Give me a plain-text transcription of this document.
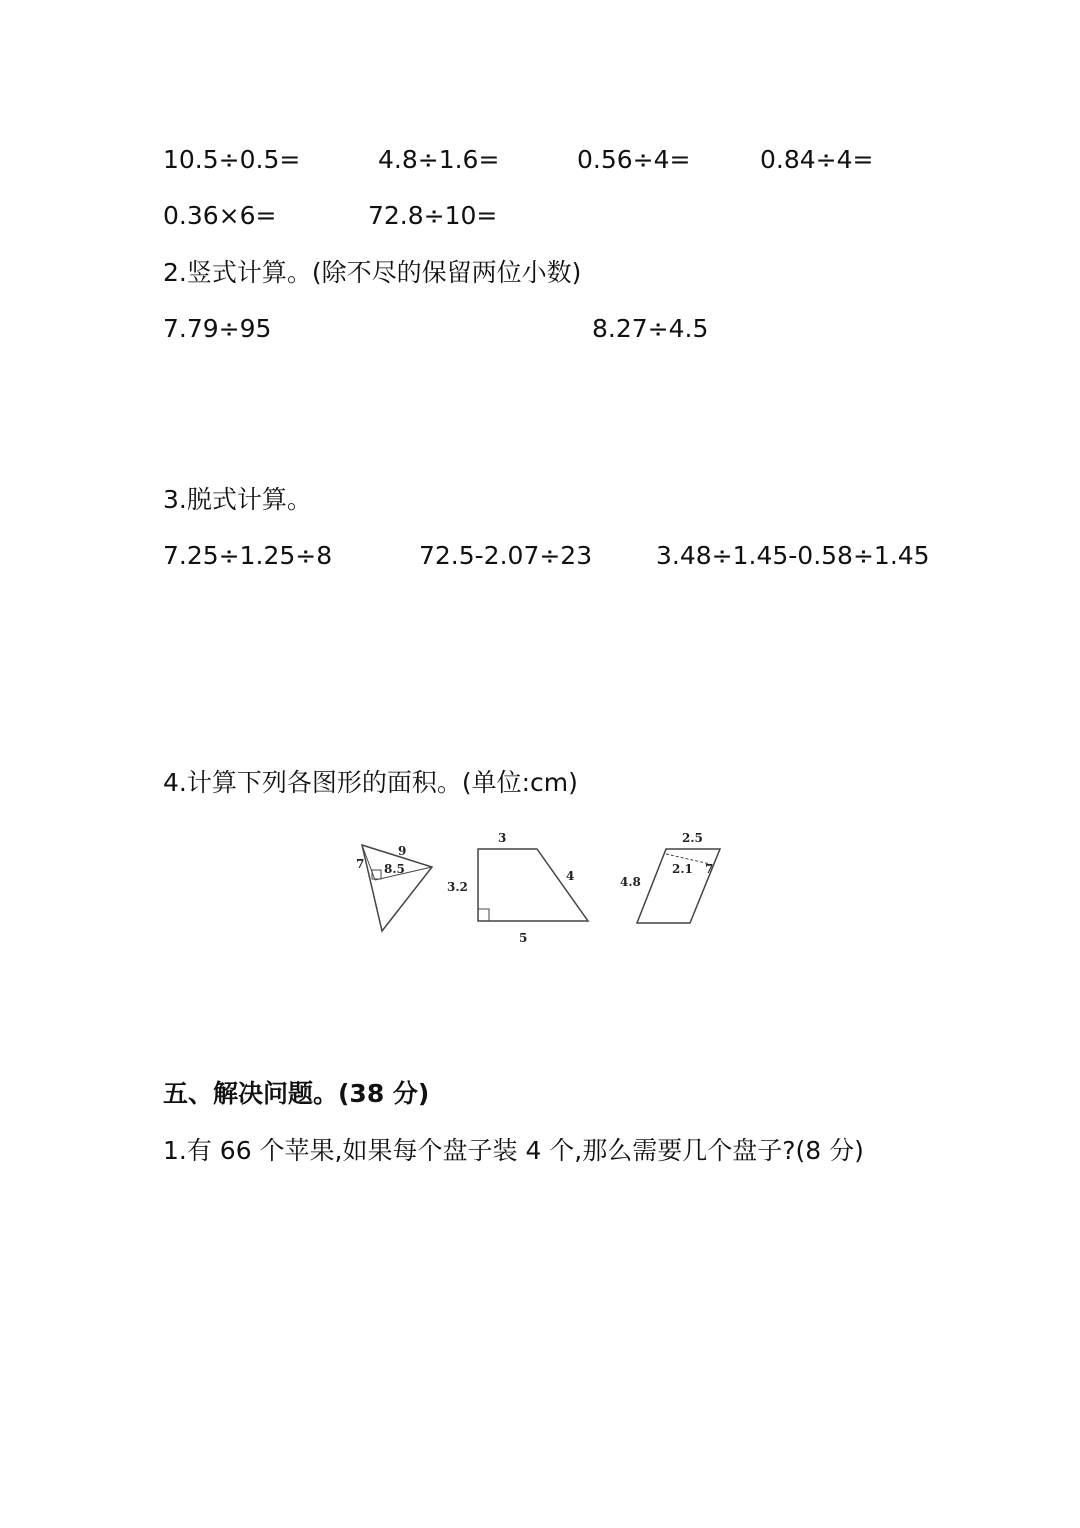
10.5÷0.5=	4.8÷1.6=	0.56÷4=	0.84÷4=
0.36×6=	72.8÷10=
2.竖式计算。(除不尽的保留两位小数)
7.79÷95	8.27÷4.5
3.脱式计算。
7.25÷1.25÷8	72.5-2.07÷23	3.48÷1.45-0.58÷1.45
4.计算下列各图形的面积。(单位:cm)
7
9
8.5
3
3.2
4
5
2.5
2.1
4.8
7
五、解决问题。(38 分)
1.有 66 个苹果,如果每个盘子装 4 个,那么需要几个盘子?(8 分)
